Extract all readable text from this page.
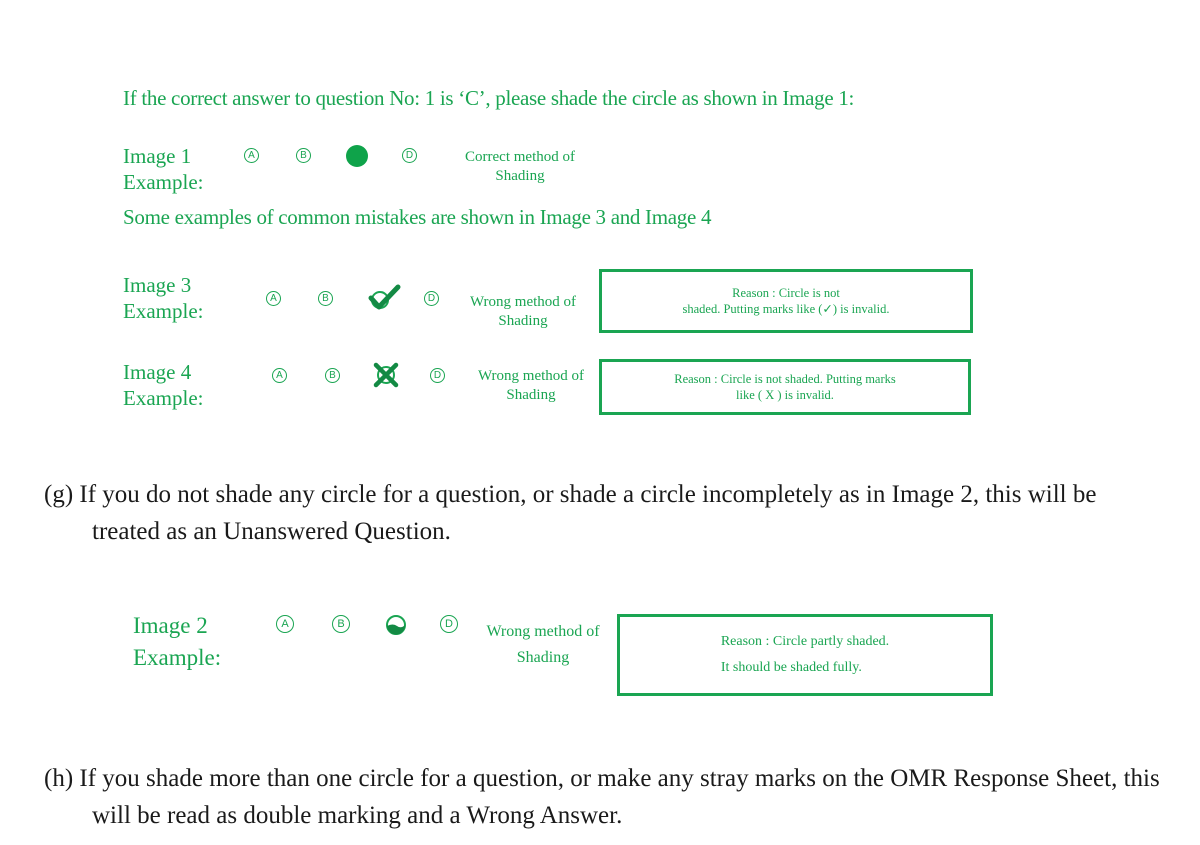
If the correct answer to question No: 1 is ‘C’, please shade the circle as shown in Image 1:
Image 1
Example:
A	B	D	Correct method of
Shading
Some examples of common mistakes are shown in Image 3 and Image 4
Image 3
Example:
A	B	D	Wrong method of
Shading
Reason : Circle is not
shaded. Putting marks like (✓) is invalid.
Image 4
Example:
A	B	D	Wrong method of
Shading
Reason : Circle is not shaded. Putting marks
like ( X ) is invalid.
(g) If you do not shade any circle for a question, or shade a circle incompletely as in Image 2, this will be treated as an Unanswered Question.
Image 2
Example:
A	B	D	Wrong method of
Shading
Reason : Circle partly shaded.
It should be shaded fully.
(h) If you shade more than one circle for a question, or make any stray marks on the OMR Response Sheet, this will be read as double marking and a Wrong Answer.
